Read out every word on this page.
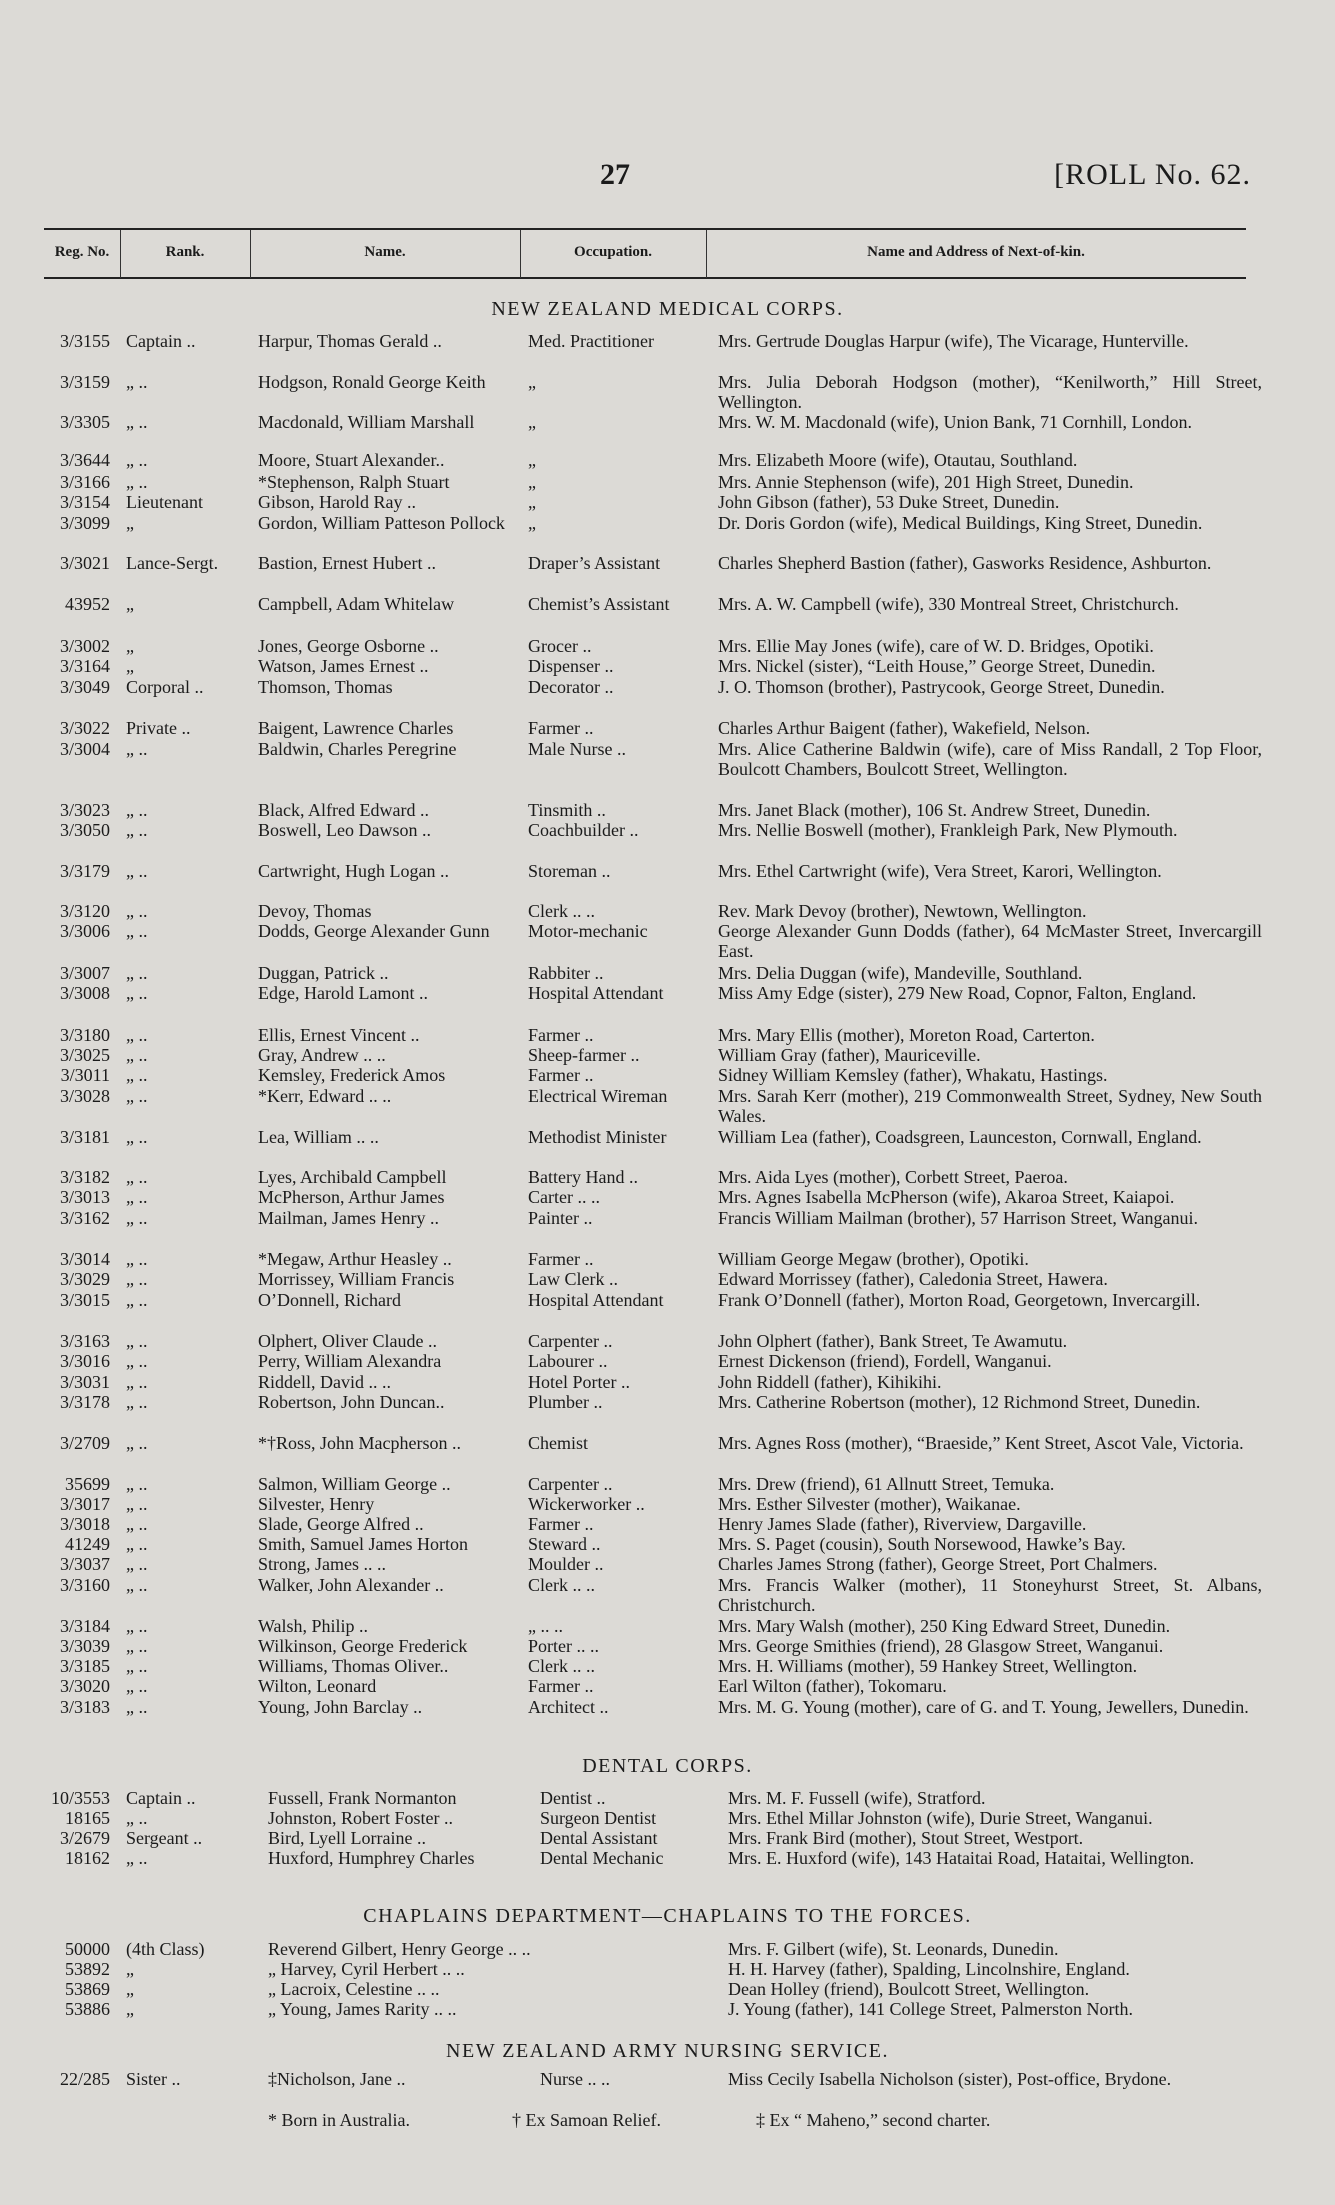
27	[ROLL No. 62.
Reg. No.	Rank.	Name.	Occupation.	Name and Address of Next-of-kin.
NEW ZEALAND MEDICAL CORPS.
3/3155 Captain ..	Harpur, Thomas Gerald ..	Med. Practitioner	Mrs. Gertrude Douglas Harpur (wife), The Vicarage, Hunterville.
3/3159 „ ..	Hodgson, Ronald George Keith	„	Mrs. Julia Deborah Hodgson (mother), “Kenilworth,” Hill Street, Wellington.
3/3305 „ ..	Macdonald, William Marshall	„	Mrs. W. M. Macdonald (wife), Union Bank, 71 Cornhill, London.
3/3644 „ ..	Moore, Stuart Alexander..	„	Mrs. Elizabeth Moore (wife), Otautau, Southland.
3/3166 „ ..	*Stephenson, Ralph Stuart	„	Mrs. Annie Stephenson (wife), 201 High Street, Dunedin.
3/3154 Lieutenant	Gibson, Harold Ray ..	„	John Gibson (father), 53 Duke Street, Dunedin.
3/3099 „	Gordon, William Patteson Pollock	„	Dr. Doris Gordon (wife), Medical Buildings, King Street, Dunedin.
3/3021 Lance-Sergt. Bastion, Ernest Hubert ..	Draper’s Assistant	Charles Shepherd Bastion (father), Gasworks Residence, Ashburton.
43952 „	Campbell, Adam Whitelaw	Chemist’s Assistant	Mrs. A. W. Campbell (wife), 330 Montreal Street, Christchurch.
3/3002 „	Jones, George Osborne ..	Grocer ..	Mrs. Ellie May Jones (wife), care of W. D. Bridges, Opotiki.
3/3164 „	Watson, James Ernest ..	Dispenser ..	Mrs. Nickel (sister), “Leith House,” George Street, Dunedin.
3/3049 Corporal ..	Thomson, Thomas	Decorator ..	J. O. Thomson (brother), Pastrycook, George Street, Dunedin.
3/3022 Private ..	Baigent, Lawrence Charles	Farmer ..	Charles Arthur Baigent (father), Wakefield, Nelson.
3/3004 „ ..	Baldwin, Charles Peregrine	Male Nurse ..	Mrs. Alice Catherine Baldwin (wife), care of Miss Randall, 2 Top Floor, Boulcott Chambers, Boulcott Street, Wellington.
3/3023 „ ..	Black, Alfred Edward ..	Tinsmith ..	Mrs. Janet Black (mother), 106 St. Andrew Street, Dunedin.
3/3050 „ ..	Boswell, Leo Dawson ..	Coachbuilder ..	Mrs. Nellie Boswell (mother), Frankleigh Park, New Plymouth.
3/3179 „ ..	Cartwright, Hugh Logan ..	Storeman ..	Mrs. Ethel Cartwright (wife), Vera Street, Karori, Wellington.
3/3120 „ ..	Devoy, Thomas	Clerk .. ..	Rev. Mark Devoy (brother), Newtown, Wellington.
3/3006 „ ..	Dodds, George Alexander Gunn	Motor-mechanic	George Alexander Gunn Dodds (father), 64 McMaster Street, Invercargill East.
3/3007 „ ..	Duggan, Patrick ..	Rabbiter ..	Mrs. Delia Duggan (wife), Mandeville, Southland.
3/3008 „ ..	Edge, Harold Lamont ..	Hospital Attendant	Miss Amy Edge (sister), 279 New Road, Copnor, Falton, England.
3/3180 „ ..	Ellis, Ernest Vincent ..	Farmer ..	Mrs. Mary Ellis (mother), Moreton Road, Carterton.
3/3025 „ ..	Gray, Andrew .. ..	Sheep-farmer ..	William Gray (father), Mauriceville.
3/3011 „ ..	Kemsley, Frederick Amos	Farmer ..	Sidney William Kemsley (father), Whakatu, Hastings.
3/3028 „ ..	*Kerr, Edward .. ..	Electrical Wireman	Mrs. Sarah Kerr (mother), 219 Commonwealth Street, Sydney, New South Wales.
3/3181 „ ..	Lea, William .. ..	Methodist Minister	William Lea (father), Coadsgreen, Launceston, Cornwall, England.
3/3182 „ ..	Lyes, Archibald Campbell	Battery Hand ..	Mrs. Aida Lyes (mother), Corbett Street, Paeroa.
3/3013 „ ..	McPherson, Arthur James	Carter .. ..	Mrs. Agnes Isabella McPherson (wife), Akaroa Street, Kaiapoi.
3/3162 „ ..	Mailman, James Henry ..	Painter ..	Francis William Mailman (brother), 57 Harrison Street, Wanganui.
3/3014 „ ..	*Megaw, Arthur Heasley ..	Farmer ..	William George Megaw (brother), Opotiki.
3/3029 „ ..	Morrissey, William Francis	Law Clerk ..	Edward Morrissey (father), Caledonia Street, Hawera.
3/3015 „ ..	O’Donnell, Richard	Hospital Attendant	Frank O’Donnell (father), Morton Road, Georgetown, Invercargill.
3/3163 „ ..	Olphert, Oliver Claude ..	Carpenter ..	John Olphert (father), Bank Street, Te Awamutu.
3/3016 „ ..	Perry, William Alexandra	Labourer ..	Ernest Dickenson (friend), Fordell, Wanganui.
3/3031 „ ..	Riddell, David .. ..	Hotel Porter ..	John Riddell (father), Kihikihi.
3/3178 „ ..	Robertson, John Duncan..	Plumber ..	Mrs. Catherine Robertson (mother), 12 Richmond Street, Dunedin.
3/2709 „ ..	*†Ross, John Macpherson ..	Chemist	Mrs. Agnes Ross (mother), “Braeside,” Kent Street, Ascot Vale, Victoria.
35699 „ ..	Salmon, William George ..	Carpenter ..	Mrs. Drew (friend), 61 Allnutt Street, Temuka.
3/3017 „ ..	Silvester, Henry	Wickerworker ..	Mrs. Esther Silvester (mother), Waikanae.
3/3018 „ ..	Slade, George Alfred ..	Farmer ..	Henry James Slade (father), Riverview, Dargaville.
41249 „ ..	Smith, Samuel James Horton	Steward ..	Mrs. S. Paget (cousin), South Norsewood, Hawke’s Bay.
3/3037 „ ..	Strong, James .. ..	Moulder ..	Charles James Strong (father), George Street, Port Chalmers.
3/3160 „ ..	Walker, John Alexander ..	Clerk .. ..	Mrs. Francis Walker (mother), 11 Stoneyhurst Street, St. Albans, Christchurch.
3/3184 „ ..	Walsh, Philip ..	„ .. ..	Mrs. Mary Walsh (mother), 250 King Edward Street, Dunedin.
3/3039 „ ..	Wilkinson, George Frederick	Porter .. ..	Mrs. George Smithies (friend), 28 Glasgow Street, Wanganui.
3/3185 „ ..	Williams, Thomas Oliver..	Clerk .. ..	Mrs. H. Williams (mother), 59 Hankey Street, Wellington.
3/3020 „ ..	Wilton, Leonard	Farmer ..	Earl Wilton (father), Tokomaru.
3/3183 „ ..	Young, John Barclay ..	Architect ..	Mrs. M. G. Young (mother), care of G. and T. Young, Jewellers, Dunedin.
DENTAL CORPS.
10/3553 Captain ..	Fussell, Frank Normanton	Dentist ..	Mrs. M. F. Fussell (wife), Stratford.
18165 „ ..	Johnston, Robert Foster ..	Surgeon Dentist	Mrs. Ethel Millar Johnston (wife), Durie Street, Wanganui.
3/2679 Sergeant ..	Bird, Lyell Lorraine ..	Dental Assistant	Mrs. Frank Bird (mother), Stout Street, Westport.
18162 „ ..	Huxford, Humphrey Charles	Dental Mechanic	Mrs. E. Huxford (wife), 143 Hataitai Road, Hataitai, Wellington.
CHAPLAINS DEPARTMENT—CHAPLAINS TO THE FORCES.
50000 (4th Class)	Reverend Gilbert, Henry George .. ..	Mrs. F. Gilbert (wife), St. Leonards, Dunedin.
53892 „	„ Harvey, Cyril Herbert .. ..	H. H. Harvey (father), Spalding, Lincolnshire, England.
53869 „	„ Lacroix, Celestine .. ..	Dean Holley (friend), Boulcott Street, Wellington.
53886 „	„ Young, James Rarity .. ..	J. Young (father), 141 College Street, Palmerston North.
NEW ZEALAND ARMY NURSING SERVICE.
22/285 Sister ..	‡Nicholson, Jane ..	Nurse .. ..	Miss Cecily Isabella Nicholson (sister), Post-office, Brydone.
* Born in Australia.	† Ex Samoan Relief.	‡ Ex “ Maheno,” second charter.
